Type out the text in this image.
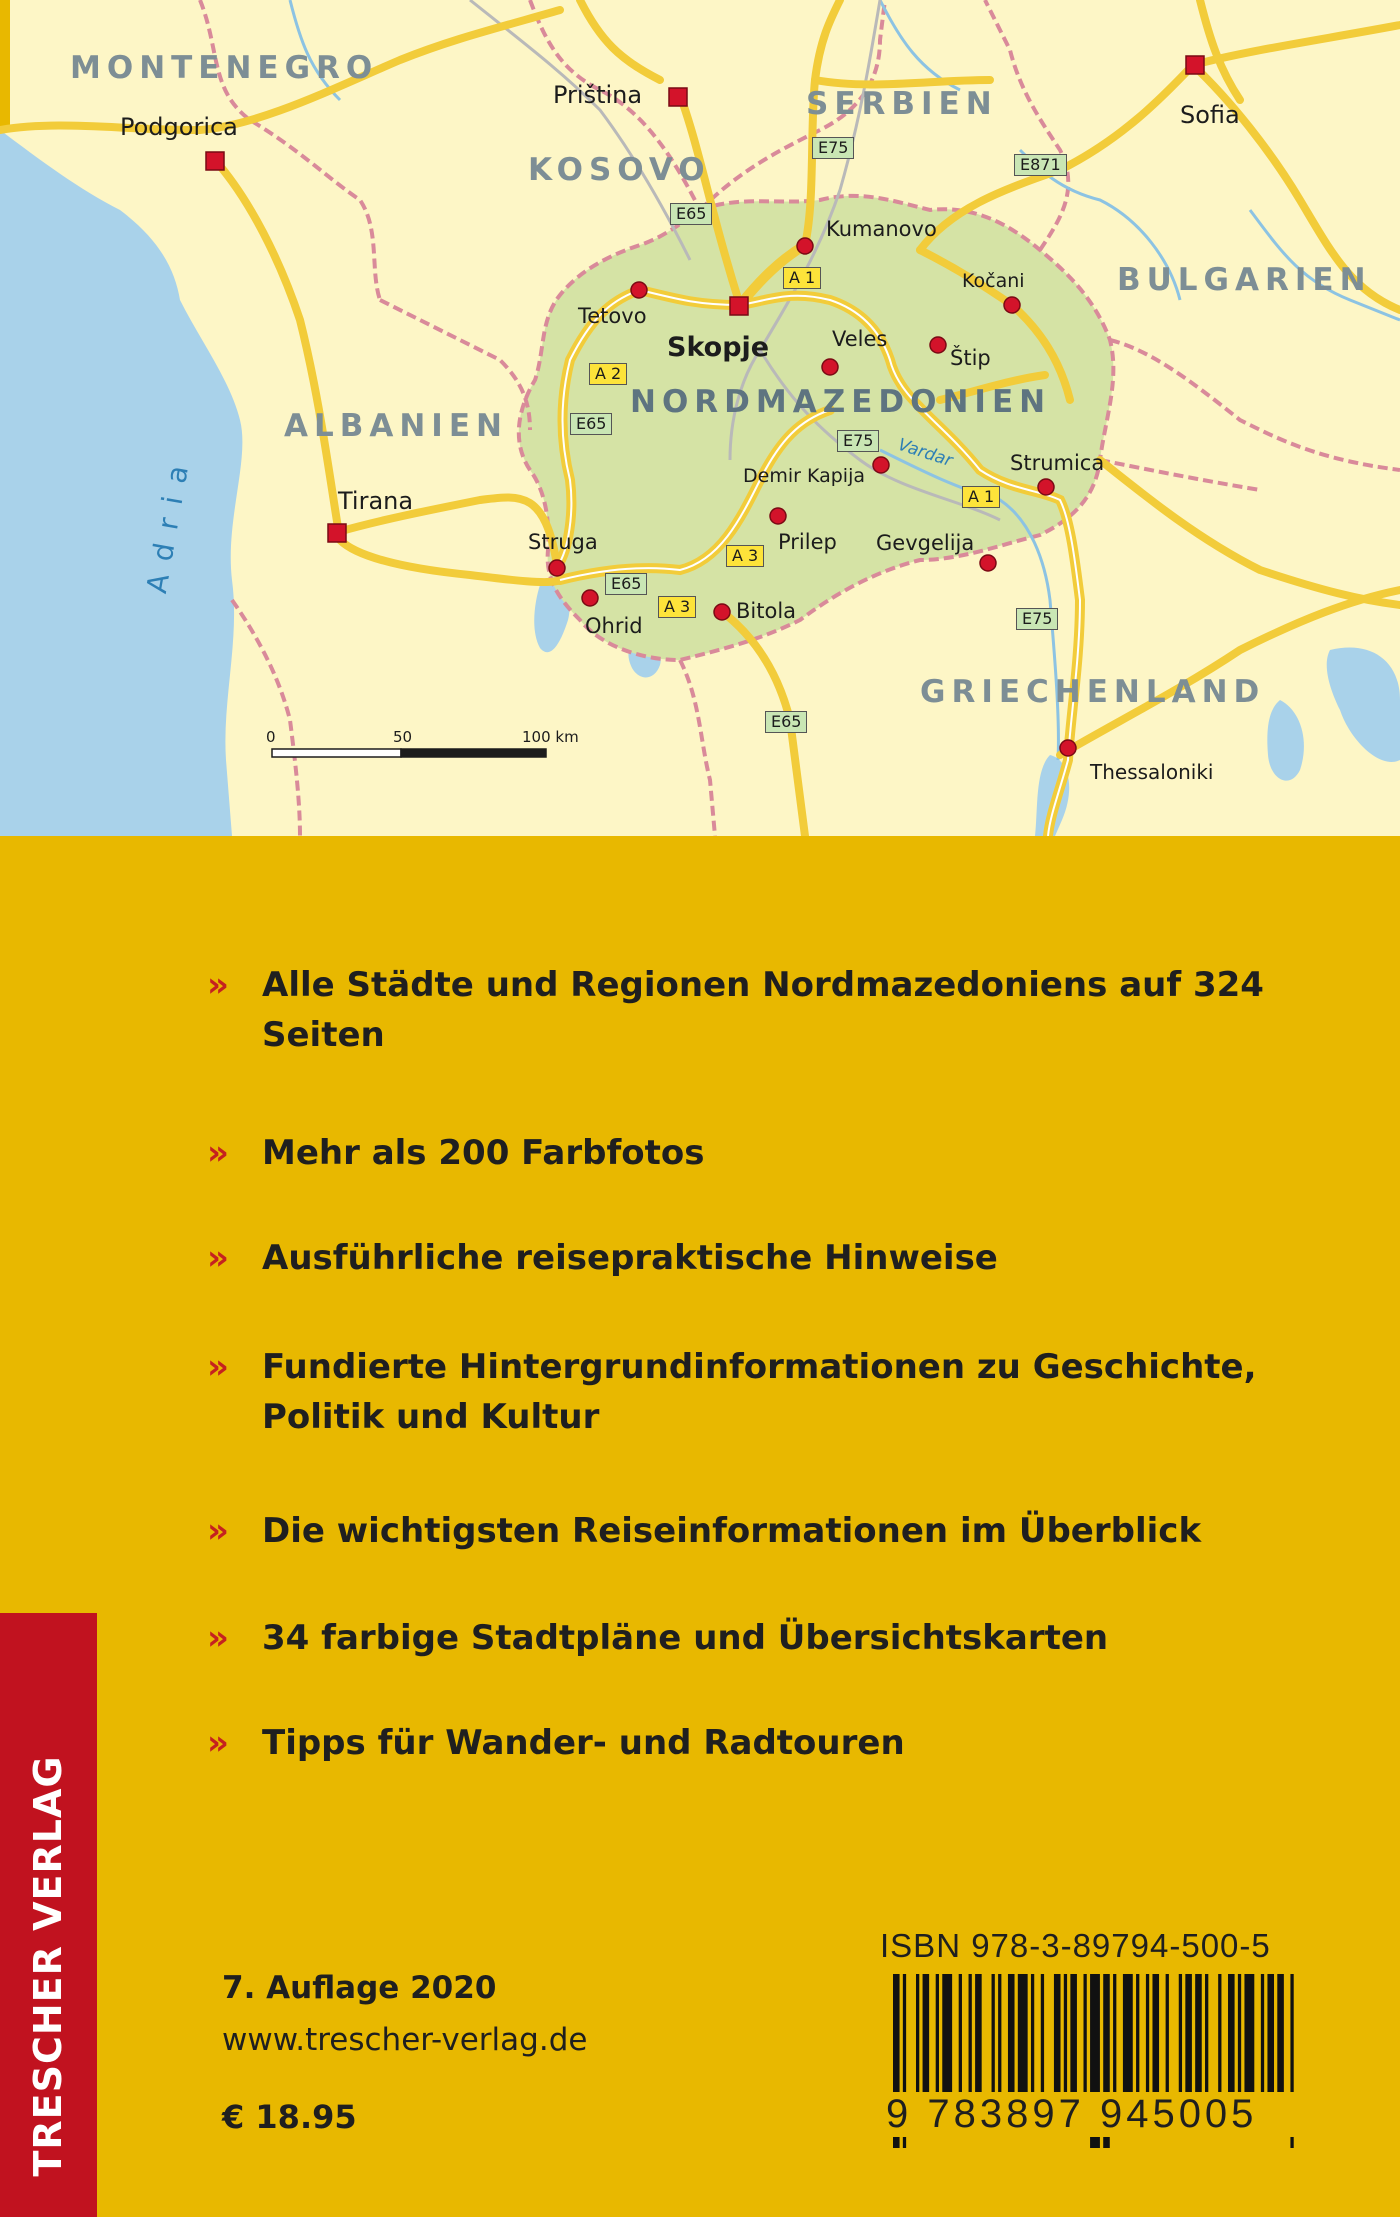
MONTENEGRO
SERBIEN
KOSOVO
BULGARIEN
ALBANIEN
NORDMAZEDONIEN
GRIECHENLAND
Adria	Vardar
Podgorica
Priština
Sofia
Kumanovo
Tetovo
Skopje
Kočani
Veles
Štip
Tirana
Demir Kapija
Strumica
Struga	Prilep Gevgelija
Ohrid
Bitola
Thessaloniki
E75
E871
E65
A 1
A 2
E65
E75
A 1
A 3
E65
A 3
E75
E65
0	50	100 km
» Alle Städte und Regionen Nordmazedoniens auf 324 Seiten
» Mehr als 200 Farbfotos
» Ausführliche reisepraktische Hinweise
» Fundierte Hintergrundinformationen zu Geschichte, Politik und Kultur
» Die wichtigsten Reiseinformationen im Überblick
» 34 farbige Stadtpläne und Übersichtskarten
» Tipps für Wander- und Radtouren
TRESCHER VERLAG	7. Auflage 2020
www.trescher-verlag.de
€ 18.95
ISBN 978-3-89794-500-5
9 783897 945005
